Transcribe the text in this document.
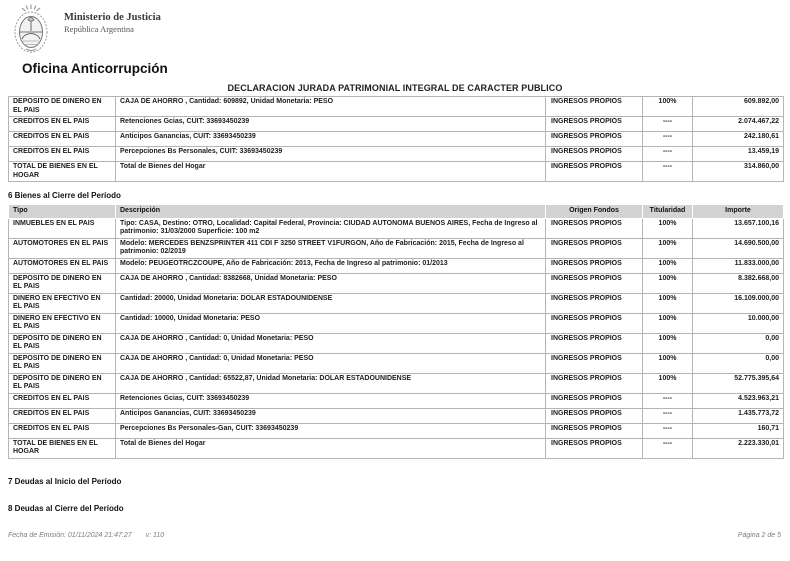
Ministerio de Justicia
República Argentina
Oficina Anticorrupción
DECLARACION JURADA PATRIMONIAL INTEGRAL DE CARACTER PUBLICO
DEPOSITO DE DINERO EN EL PAIS	CAJA DE AHORRO , Cantidad: 609892, Unidad Monetaria: PESO	INGRESOS PROPIOS	100%	609.892,00
CREDITOS EN EL PAIS	Retenciones Gcias, CUIT: 33693450239	INGRESOS PROPIOS	----	2.074.467,22
CREDITOS EN EL PAIS	Anticipos Ganancias, CUIT: 33693450239	INGRESOS PROPIOS	----	242.180,61
CREDITOS EN EL PAIS	Percepciones Bs Personales, CUIT: 33693450239	INGRESOS PROPIOS	----	13.459,19
TOTAL DE BIENES EN EL HOGAR	Total de Bienes del Hogar	INGRESOS PROPIOS	----	314.860,00
6 Bienes al Cierre del Período
Tipo	Descripción	Origen Fondos	Titularidad	Importe
INMUEBLES EN EL PAIS	Tipo: CASA, Destino: OTRO, Localidad: Capital Federal, Provincia: CIUDAD AUTONOMA BUENOS AIRES, Fecha de Ingreso al patrimonio: 31/03/2000 Superficie: 100 m2	INGRESOS PROPIOS	100%	13.657.100,16
AUTOMOTORES EN EL PAIS	Modelo: MERCEDES BENZSPRINTER 411 CDI F 3250 STREET V1FURGON, Año de Fabricación: 2015, Fecha de Ingreso al patrimonio: 02/2019	INGRESOS PROPIOS	100%	14.690.500,00
AUTOMOTORES EN EL PAIS	Modelo: PEUGEOTRCZCOUPE, Año de Fabricación: 2013, Fecha de Ingreso al patrimonio: 01/2013	INGRESOS PROPIOS	100%	11.833.000,00
DEPOSITO DE DINERO EN EL PAIS	CAJA DE AHORRO , Cantidad: 8382668, Unidad Monetaria: PESO	INGRESOS PROPIOS	100%	8.382.668,00
DINERO EN EFECTIVO EN EL PAIS	Cantidad: 20000, Unidad Monetaria: DOLAR ESTADOUNIDENSE	INGRESOS PROPIOS	100%	16.109.000,00
DINERO EN EFECTIVO EN EL PAIS	Cantidad: 10000, Unidad Monetaria: PESO	INGRESOS PROPIOS	100%	10.000,00
DEPOSITO DE DINERO EN EL PAIS	CAJA DE AHORRO , Cantidad: 0, Unidad Monetaria: PESO	INGRESOS PROPIOS	100%	0,00
DEPOSITO DE DINERO EN EL PAIS	CAJA DE AHORRO , Cantidad: 0, Unidad Monetaria: PESO	INGRESOS PROPIOS	100%	0,00
DEPOSITO DE DINERO EN EL PAIS	CAJA DE AHORRO , Cantidad: 65522,87, Unidad Monetaria: DOLAR ESTADOUNIDENSE	INGRESOS PROPIOS	100%	52.775.395,64
CREDITOS EN EL PAIS	Retenciones Gcias, CUIT: 33693450239	INGRESOS PROPIOS	----	4.523.963,21
CREDITOS EN EL PAIS	Anticipos Ganancias, CUIT: 33693450239	INGRESOS PROPIOS	----	1.435.773,72
CREDITOS EN EL PAIS	Percepciones Bs Personales-Gan, CUIT: 33693450239	INGRESOS PROPIOS	----	160,71
TOTAL DE BIENES EN EL HOGAR	Total de Bienes del Hogar	INGRESOS PROPIOS	----	2.223.330,01
7 Deudas al Inicio del Período
8 Deudas al Cierre del Período
Fecha de Emisión: 01/11/2024 21:47:27 v: 110	Página 2 de 5
